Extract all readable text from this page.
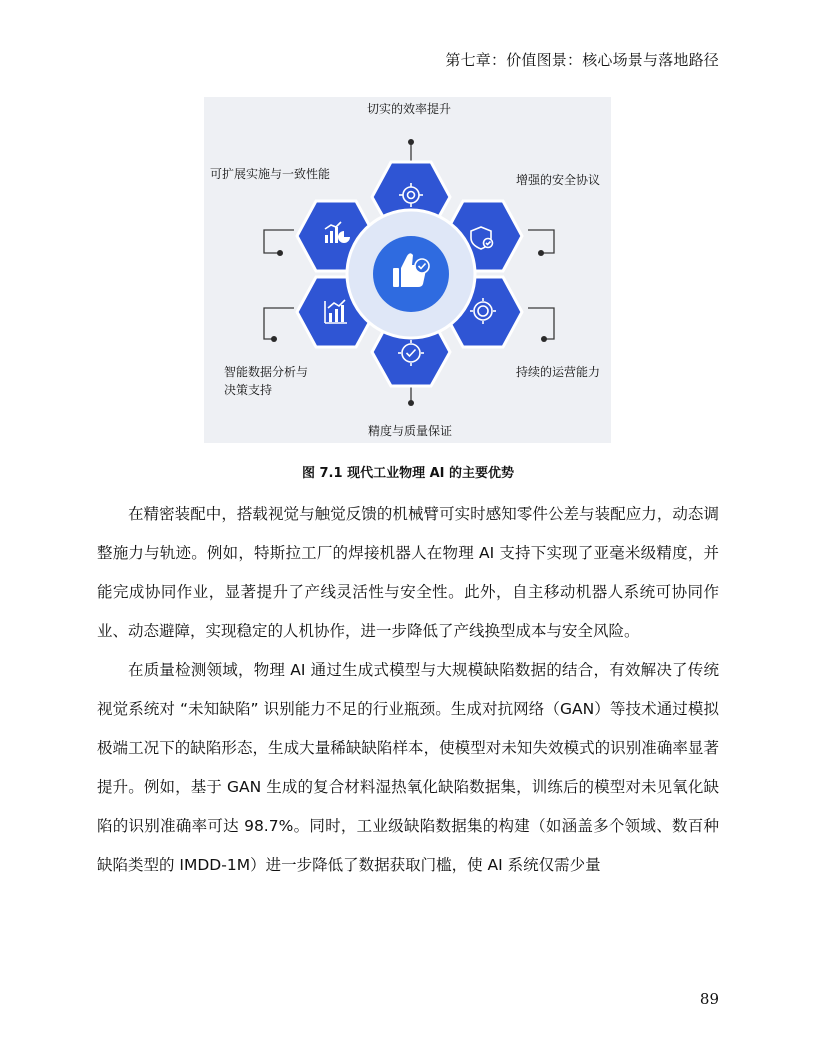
第七章：价值图景：核心场景与落地路径
切实的效率提升
增强的安全协议
持续的运营能力
精度与质量保证
智能数据分析与
决策支持
可扩展实施与一致性能
图 7.1 现代工业物理 AI 的主要优势

在精密装配中，搭载视觉与触觉反馈的机械臂可实时感知零件公差与装配应力，动态调整施力与轨迹。例如，特斯拉工厂的焊接机器人在物理 AI 支持下实现了亚毫米级精度，并能完成协同作业，显著提升了产线灵活性与安全性。此外，自主移动机器人系统可协同作业、动态避障，实现稳定的人机协作，进一步降低了产线换型成本与安全风险。

在质量检测领域，物理 AI 通过生成式模型与大规模缺陷数据的结合，有效解决了传统视觉系统对 “未知缺陷” 识别能力不足的行业瓶颈。生成对抗网络（GAN）等技术通过模拟极端工况下的缺陷形态，生成大量稀缺缺陷样本，使模型对未知失效模式的识别准确率显著提升。例如，基于 GAN 生成的复合材料湿热氧化缺陷数据集，训练后的模型对未见氧化缺陷的识别准确率可达 98.7%。同时，工业级缺陷数据集的构建（如涵盖多个领域、数百种缺陷类型的 IMDD-1M）进一步降低了数据获取门槛，使 AI 系统仅需少量

89
